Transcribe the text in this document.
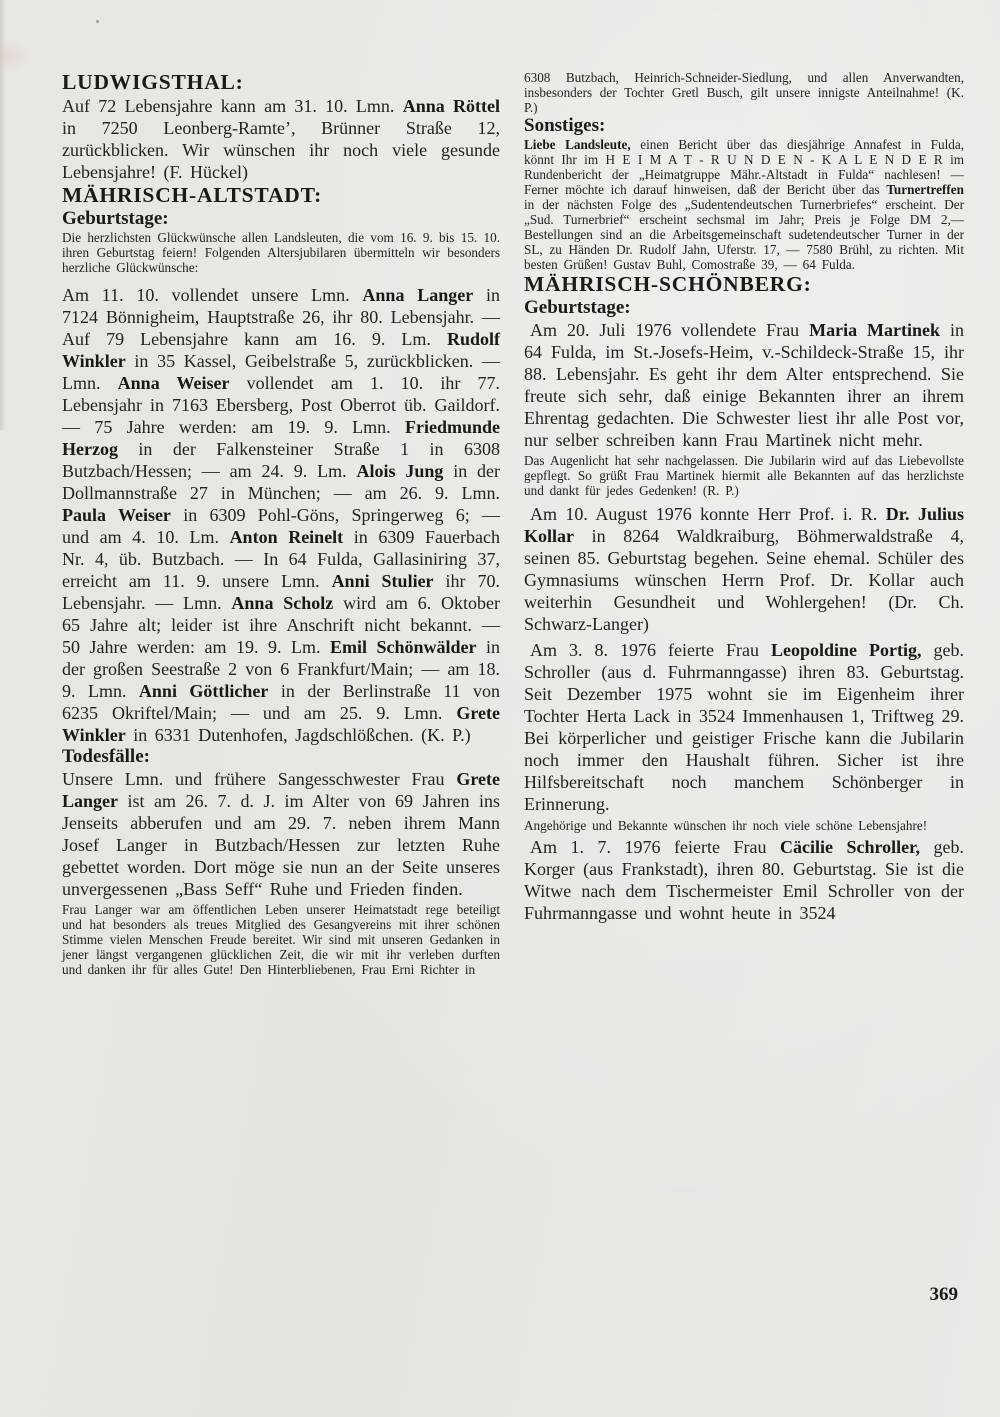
LUDWIGSTHAL:

Auf 72 Lebensjahre kann am 31. 10. Lmn. Anna Röttel in 7250 Leonberg-Ramteʼ, Brünner Straße 12, zurückblicken. Wir wünschen ihr noch viele gesunde Lebensjahre! (F. Hückel)

MÄHRISCH-ALTSTADT:
Geburtstage:

Die herzlichsten Glückwünsche allen Landsleuten, die vom 16. 9. bis 15. 10. ihren Geburtstag feiern! Folgenden Altersjubilaren übermitteln wir besonders herzliche Glückwünsche:

Am 11. 10. vollendet unsere Lmn. Anna Langer in 7124 Bönnigheim, Hauptstraße 26, ihr 80. Lebensjahr. — Auf 79 Lebensjahre kann am 16. 9. Lm. Rudolf Winkler in 35 Kassel, Geibelstraße 5, zurückblicken. — Lmn. Anna Weiser vollendet am 1. 10. ihr 77. Lebensjahr in 7163 Ebersberg, Post Oberrot üb. Gaildorf. — 75 Jahre werden: am 19. 9. Lmn. Friedmunde Herzog in der Falkensteiner Straße 1 in 6308 Butzbach/Hessen; — am 24. 9. Lm. Alois Jung in der Dollmannstraße 27 in München; — am 26. 9. Lmn. Paula Weiser in 6309 Pohl-Göns, Springerweg 6; — und am 4. 10. Lm. Anton Reinelt in 6309 Fauerbach Nr. 4, üb. Butzbach. — In 64 Fulda, Gallasiniring 37, erreicht am 11. 9. unsere Lmn. Anni Stulier ihr 70. Lebensjahr. — Lmn. Anna Scholz wird am 6. Oktober 65 Jahre alt; leider ist ihre Anschrift nicht bekannt. — 50 Jahre werden: am 19. 9. Lm. Emil Schönwälder in der großen Seestraße 2 von 6 Frankfurt/Main; — am 18. 9. Lmn. Anni Göttlicher in der Berlinstraße 11 von 6235 Okriftel/Main; — und am 25. 9. Lmn. Grete Winkler in 6331 Dutenhofen, Jagdschlößchen. (K. P.)

Todesfälle:

Unsere Lmn. und frühere Sangesschwester Frau Grete Langer ist am 26. 7. d. J. im Alter von 69 Jahren ins Jenseits abberufen und am 29. 7. neben ihrem Mann Josef Langer in Butzbach/Hessen zur letzten Ruhe gebettet worden. Dort möge sie nun an der Seite unseres unvergessenen „Bass Seff“ Ruhe und Frieden finden.

Frau Langer war am öffentlichen Leben unserer Heimatstadt rege beteiligt und hat besonders als treues Mitglied des Gesangvereins mit ihrer schönen Stimme vielen Menschen Freude bereitet. Wir sind mit unseren Gedanken in jener längst vergangenen glücklichen Zeit, die wir mit ihr verleben durften und danken ihr für alles Gute! Den Hinterbliebenen, Frau Erni Richter in

6308 Butzbach, Heinrich-Schneider-Siedlung, und allen Anverwandten, insbesonders der Tochter Gretl Busch, gilt unsere innigste Anteilnahme! (K. P.)

Sonstiges:

Liebe Landsleute, einen Bericht über das diesjährige Annafest in Fulda, könnt Ihr im H E I M A T - R U N D E N - K A L E N D E R im Rundenbericht der „Heimatgruppe Mähr.-Altstadt in Fulda“ nachlesen! — Ferner möchte ich darauf hinweisen, daß der Bericht über das Turnertreffen in der nächsten Folge des „Sudentendeutschen Turnerbriefes“ erscheint. Der „Sud. Turnerbrief“ erscheint sechsmal im Jahr; Preis je Folge DM 2,— Bestellungen sind an die Arbeitsgemeinschaft sudetendeutscher Turner in der SL, zu Händen Dr. Rudolf Jahn, Uferstr. 17, — 7580 Brühl, zu richten. Mit besten Grüßen! Gustav Buhl, Comostraße 39, — 64 Fulda.

MÄHRISCH-SCHÖNBERG:
Geburtstage:

Am 20. Juli 1976 vollendete Frau Maria Martinek in 64 Fulda, im St.-Josefs-Heim, v.-Schildeck-Straße 15, ihr 88. Lebensjahr. Es geht ihr dem Alter entsprechend. Sie freute sich sehr, daß einige Bekannten ihrer an ihrem Ehrentag gedachten. Die Schwester liest ihr alle Post vor, nur selber schreiben kann Frau Martinek nicht mehr.

Das Augenlicht hat sehr nachgelassen. Die Jubilarin wird auf das Liebevollste gepflegt. So grüßt Frau Martinek hiermit alle Bekannten auf das herzlichste und dankt für jedes Gedenken! (R. P.)

Am 10. August 1976 konnte Herr Prof. i. R. Dr. Julius Kollar in 8264 Waldkraiburg, Böhmerwaldstraße 4, seinen 85. Geburtstag begehen. Seine ehemal. Schüler des Gymnasiums wünschen Herrn Prof. Dr. Kollar auch weiterhin Gesundheit und Wohlergehen! (Dr. Ch. Schwarz-Langer)

Am 3. 8. 1976 feierte Frau Leopoldine Portig, geb. Schroller (aus d. Fuhrmanngasse) ihren 83. Geburtstag. Seit Dezember 1975 wohnt sie im Eigenheim ihrer Tochter Herta Lack in 3524 Immenhausen 1, Triftweg 29. Bei körperlicher und geistiger Frische kann die Jubilarin noch immer den Haushalt führen. Sicher ist ihre Hilfsbereitschaft noch manchem Schönberger in Erinnerung.

Angehörige und Bekannte wünschen ihr noch viele schöne Lebensjahre!

Am 1. 7. 1976 feierte Frau Cäcilie Schroller, geb. Korger (aus Frankstadt), ihren 80. Geburtstag. Sie ist die Witwe nach dem Tischermeister Emil Schroller von der Fuhrmanngasse und wohnt heute in 3524

369
